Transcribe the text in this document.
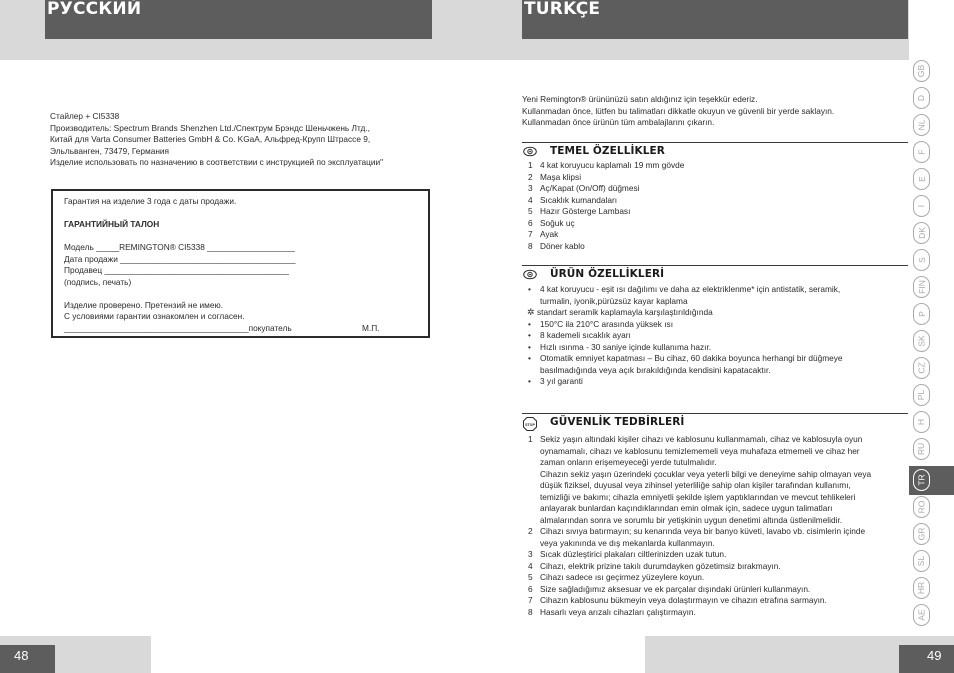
РУССКИЙ
Стайлер + CI5338
Производитель: Spectrum Brands Shenzhen Ltd./Спектрум Брэндс Шеньчжень Лтд.,
Китай для Varta Consumer Batteries GmbH & Co. KGaA, Альфред-Крупп Штрассе 9,
Эльльванген, 73479, Германия
Изделие использовать по назначению в соответствии с инструкцией по эксплуатации"
Гарантия на изделие 3 года с даты продажи.
ГАРАНТИЙНЫЙ ТАЛОН
Модель _____REMINGTON® CI5338 ___________________
Дата продажи ______________________________________
Продавец ________________________________________
(подпись, печать)
Изделие проверено. Претензий не имею.
С условиями гарантии ознакомлен и согласен.
________________________________________покупатель	М.П.
48
TÜRKÇE
Yeni Remington® ürününüzü satın aldığınız için teşekkür ederiz.
Kullanmadan önce, lütfen bu talimatları dikkatle okuyun ve güvenli bir yerde saklayın.
Kullanmadan önce ürünün tüm ambalajlarını çıkarın.
TEMEL ÖZELLİKLER
1 4 kat koruyucu kaplamalı 19 mm gövde
2 Maşa klipsi
3 Aç/Kapat (On/Off) düğmesi
4 Sıcaklık kumandaları
5 Hazır Gösterge Lambası
6 Soğuk uç
7 Ayak
8 Döner kablo
ÜRÜN ÖZELLİKLERİ
• 4 kat koruyucu - eşit ısı dağılımı ve daha az elektriklenme* için antistatik, seramik,
turmalin, iyonik,pürüzsüz kayar kaplama
✲ standart seramik kaplamayla karşılaştırıldığında
• 150°C ila 210°C arasında yüksek ısı
• 8 kademeli sıcaklık ayarı
• Hızlı ısınma - 30 saniye içinde kullanıma hazır.
• Otomatik emniyet kapatması – Bu cihaz, 60 dakika boyunca herhangi bir düğmeye
basılmadığında veya açık bırakıldığında kendisini kapatacaktır.
• 3 yıl garanti
STOP GÜVENLİK TEDBİRLERİ
1 Sekiz yaşın altındaki kişiler cihazı ve kablosunu kullanmamalı, cihaz ve kablosuyla oyun
oynamamalı, cihazı ve kablosunu temizlememeli veya muhafaza etmemeli ve cihaz her
zaman onların erişemeyeceği yerde tutulmalıdır.
Cihazın sekiz yaşın üzerindeki çocuklar veya yeterli bilgi ve deneyime sahip olmayan veya
düşük fiziksel, duyusal veya zihinsel yeterliliğe sahip olan kişiler tarafından kullanımı,
temizliği ve bakımı; cihazla emniyetli şekilde işlem yaptıklarından ve mevcut tehlikeleri
anlayarak bunlardan kaçındıklarından emin olmak için, sadece uygun talimatları
almalarından sonra ve sorumlu bir yetişkinin uygun denetimi altında üstlenilmelidir.
2 Cihazı sıvıya batırmayın; su kenarında veya bir banyo küveti, lavabo vb. cisimlerin içinde
veya yakınında ve dış mekanlarda kullanmayın.
3 Sıcak düzleştirici plakaları ciltlerinizden uzak tutun.
4 Cihazı, elektrik prizine takılı durumdayken gözetimsiz bırakmayın.
5 Cihazı sadece ısı geçirmez yüzeylere koyun.
6 Size sağladığımız aksesuar ve ek parçalar dışındaki ürünleri kullanmayın.
7 Cihazın kablosunu bükmeyin veya dolaştırmayın ve cihazın etrafına sarmayın.
8 Hasarlı veya arızalı cihazları çalıştırmayın.
49
GB
D
NL
F
E
I
DK
S
FIN
P
SK
CZ
PL
H
RU
TR
RO
GR
SL
HR
AE
